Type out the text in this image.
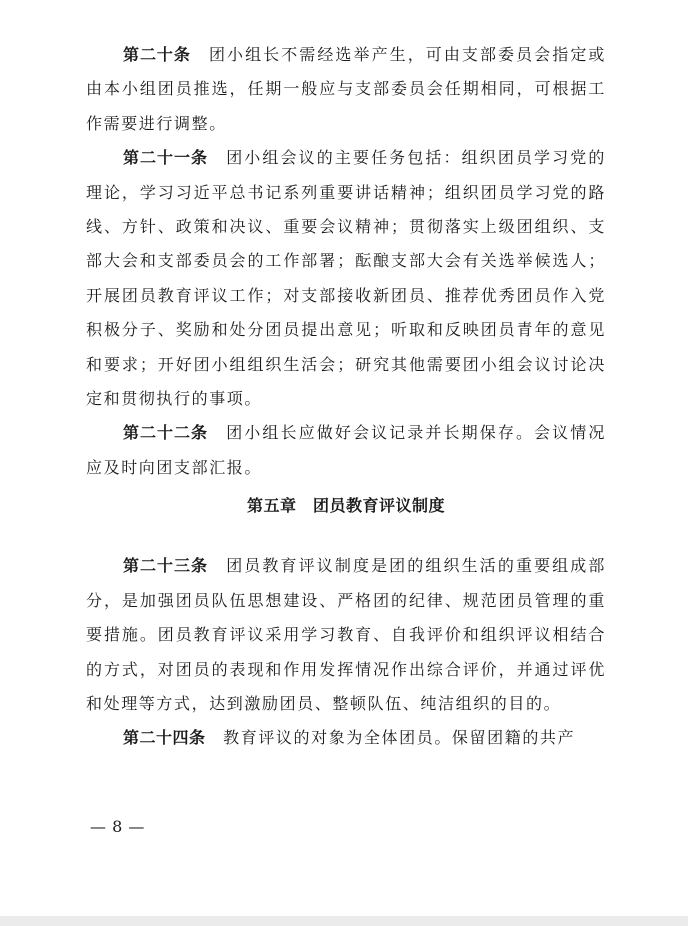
第二十条　 团小组长不需经选举产生，可由支部委员会指定或由本小组团员推选，任期一般应与支部委员会任期相同，可根据工作需要进行调整。

第二十一条　 团小组会议的主要任务包括：组织团员学习党的理论，学习习近平总书记系列重要讲话精神；组织团员学习党的路线、方针、政策和决议、重要会议精神；贯彻落实上级团组织、支部大会和支部委员会的工作部署；酝酿支部大会有关选举候选人；开展团员教育评议工作；对支部接收新团员、推荐优秀团员作入党积极分子、奖励和处分团员提出意见；听取和反映团员青年的意见和要求；开好团小组组织生活会；研究其他需要团小组会议讨论决定和贯彻执行的事项。

第二十二条　 团小组长应做好会议记录并长期保存。会议情况应及时向团支部汇报。

第五章　团员教育评议制度

第二十三条　 团员教育评议制度是团的组织生活的重要组成部分，是加强团员队伍思想建设、严格团的纪律、规范团员管理的重要措施。团员教育评议采用学习教育、自我评价和组织评议相结合的方式，对团员的表现和作用发挥情况作出综合评价，并通过评优和处理等方式，达到激励团员、整顿队伍、纯洁组织的目的。

第二十四条　 教育评议的对象为全体团员。保留团籍的共产

— 8 —
